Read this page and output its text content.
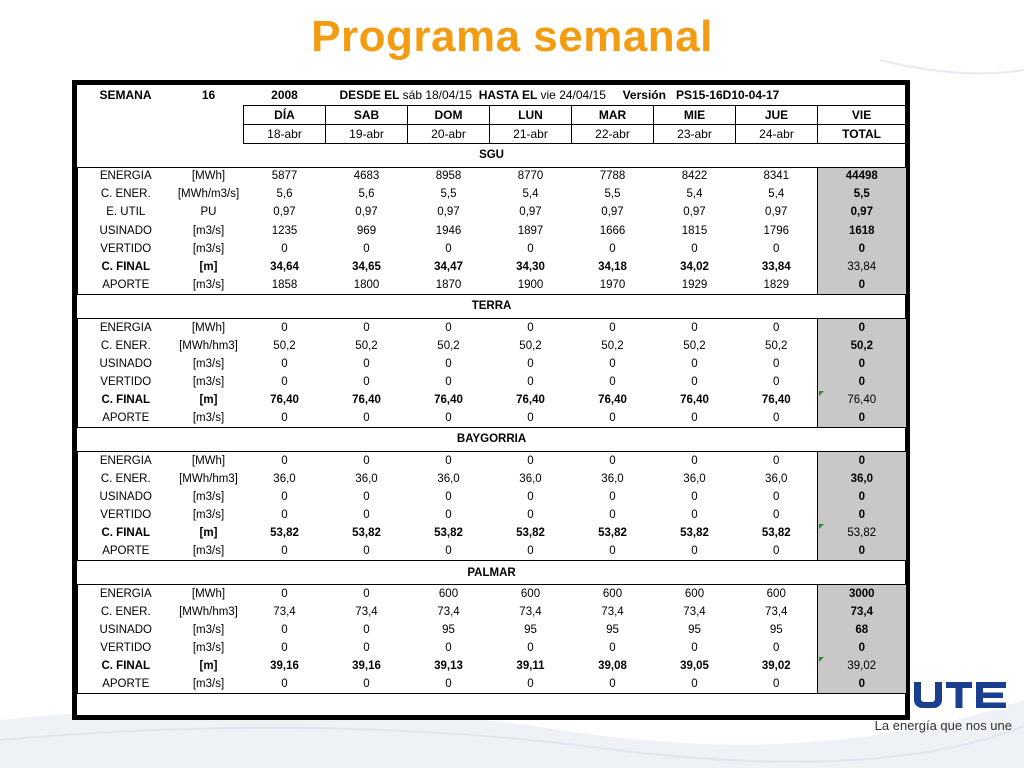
Programa semanal
SEMANA	16	2008	DESDE EL sáb 18/04/15 HASTA EL vie 24/04/15 Versión PS15-16D10-04-17						
		DÍA	SAB	DOM	LUN	MAR	MIE	JUE	VIE
		18-abr	19-abr	20-abr	21-abr	22-abr	23-abr	24-abr	TOTAL
SGU									
ENERGIA	[MWh]	5877	4683	8958	8770	7788	8422	8341	44498
C. ENER.	[MWh/m3/s]	5,6	5,6	5,5	5,4	5,5	5,4	5,4	5,5
E. UTIL	PU	0,97	0,97	0,97	0,97	0,97	0,97	0,97	0,97
USINADO	[m3/s]	1235	969	1946	1897	1666	1815	1796	1618
VERTIDO	[m3/s]	0	0	0	0	0	0	0	0
C. FINAL	[m]	34,64	34,65	34,47	34,30	34,18	34,02	33,84	33,84
APORTE	[m3/s]	1858	1800	1870	1900	1970	1929	1829	0
TERRA									
ENERGIA	[MWh]	0	0	0	0	0	0	0	0
C. ENER.	[MWh/hm3]	50,2	50,2	50,2	50,2	50,2	50,2	50,2	50,2
USINADO	[m3/s]	0	0	0	0	0	0	0	0
VERTIDO	[m3/s]	0	0	0	0	0	0	0	0
C. FINAL	[m]	76,40	76,40	76,40	76,40	76,40	76,40	76,40	76,40

APORTE	[m3/s]	0	0	0	0	0	0	0	0
BAYGORRIA									
ENERGIA	[MWh]	0	0	0	0	0	0	0	0
C. ENER.	[MWh/hm3]	36,0	36,0	36,0	36,0	36,0	36,0	36,0	36,0
USINADO	[m3/s]	0	0	0	0	0	0	0	0
VERTIDO	[m3/s]	0	0	0	0	0	0	0	0
C. FINAL	[m]	53,82	53,82	53,82	53,82	53,82	53,82	53,82	53,82

APORTE	[m3/s]	0	0	0	0	0	0	0	0
PALMAR									
ENERGIA	[MWh]	0	0	600	600	600	600	600	3000
C. ENER.	[MWh/hm3]	73,4	73,4	73,4	73,4	73,4	73,4	73,4	73,4
USINADO	[m3/s]	0	0	95	95	95	95	95	68
VERTIDO	[m3/s]	0	0	0	0	0	0	0	0
C. FINAL	[m]	39,16	39,16	39,13	39,11	39,08	39,05	39,02	39,02

APORTE	[m3/s]	0	0	0	0	0	0	0	0
La energía que nos une
